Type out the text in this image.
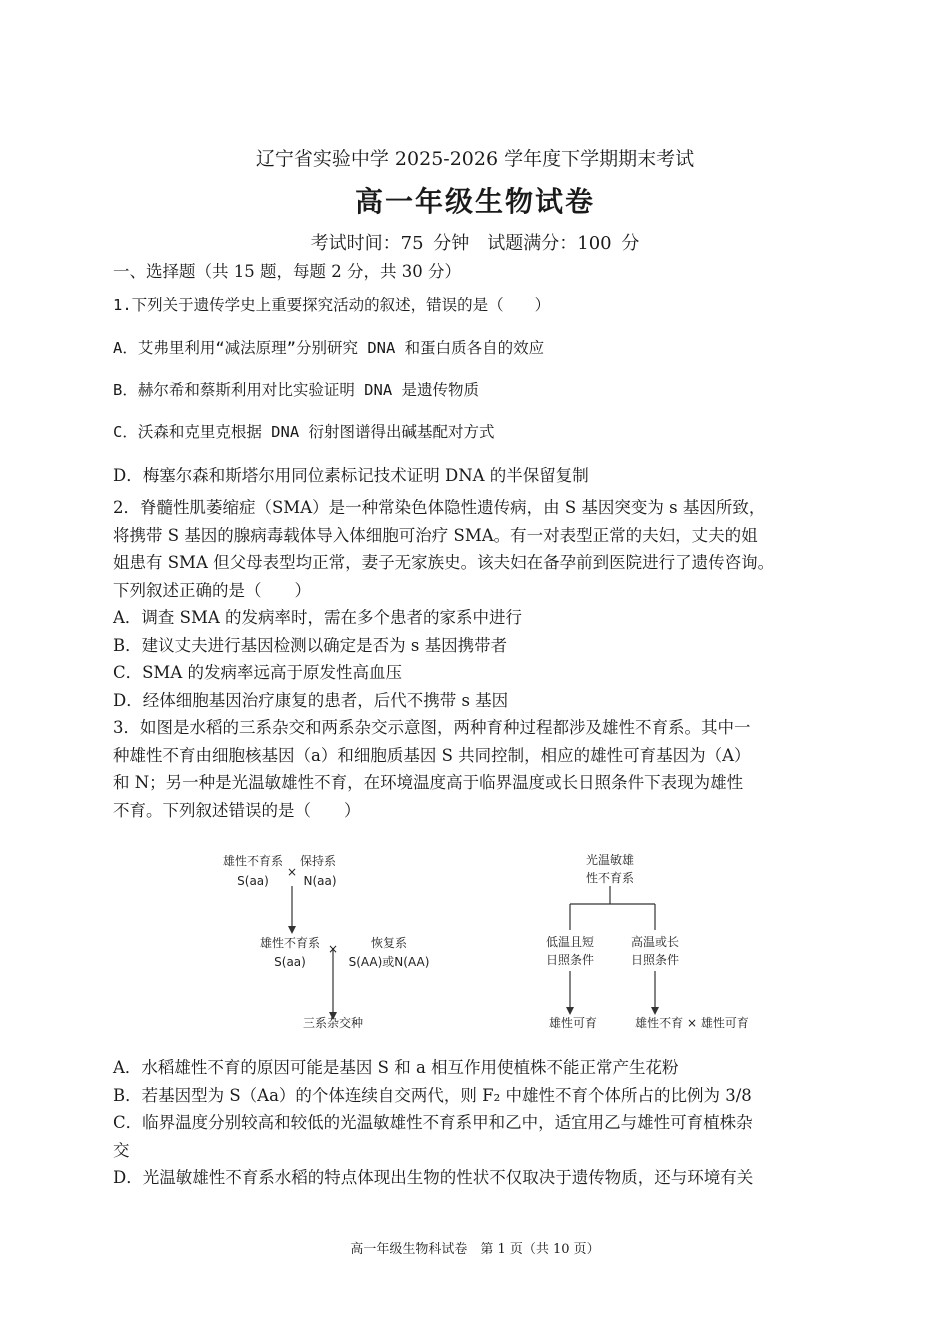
辽宁省实验中学 2025-2026 学年度下学期期末考试
高一年级生物试卷
考试时间：75 分钟　试题满分：100 分
一、选择题（共 15 题，每题 2 分，共 30 分）
1.下列关于遗传学史上重要探究活动的叙述，错误的是（　　）
A．艾弗里利用“减法原理”分别研究 DNA 和蛋白质各自的效应
B．赫尔希和蔡斯利用对比实验证明 DNA 是遗传物质
C．沃森和克里克根据 DNA 衍射图谱得出碱基配对方式
D．梅塞尔森和斯塔尔用同位素标记技术证明 DNA 的半保留复制
2．脊髓性肌萎缩症（SMA）是一种常染色体隐性遗传病，由 S 基因突变为 s 基因所致，
将携带 S 基因的腺病毒载体导入体细胞可治疗 SMA。有一对表型正常的夫妇，丈夫的姐
姐患有 SMA 但父母表型均正常，妻子无家族史。该夫妇在备孕前到医院进行了遗传咨询。
下列叙述正确的是（　　）
A．调查 SMA 的发病率时，需在多个患者的家系中进行
B．建议丈夫进行基因检测以确定是否为 s 基因携带者
C．SMA 的发病率远高于原发性高血压
D．经体细胞基因治疗康复的患者，后代不携带 s 基因
3．如图是水稻的三系杂交和两系杂交示意图，两种育种过程都涉及雄性不育系。其中一
种雄性不育由细胞核基因（a）和细胞质基因 S 共同控制，相应的雄性可育基因为（A）
和 N；另一种是光温敏雄性不育，在环境温度高于临界温度或长日照条件下表现为雄性
不育。下列叙述错误的是（　　）
雄性不育系
S(aa)
×
保持系
N(aa)
雄性不育系
S(aa)
×	恢复系
S(AA)或N(AA)
三系杂交种
光温敏雄
性不育系
低温且短
日照条件
高温或长
日照条件
雄性可育	雄性不育 × 雄性可育
A．水稻雄性不育的原因可能是基因 S 和 a 相互作用使植株不能正常产生花粉
B．若基因型为 S（Aa）的个体连续自交两代，则 F₂ 中雄性不育个体所占的比例为 3/8
C．临界温度分别较高和较低的光温敏雄性不育系甲和乙中，适宜用乙与雄性可育植株杂
交
D．光温敏雄性不育系水稻的特点体现出生物的性状不仅取决于遗传物质，还与环境有关
高一年级生物科试卷　第 1 页（共 10 页）
